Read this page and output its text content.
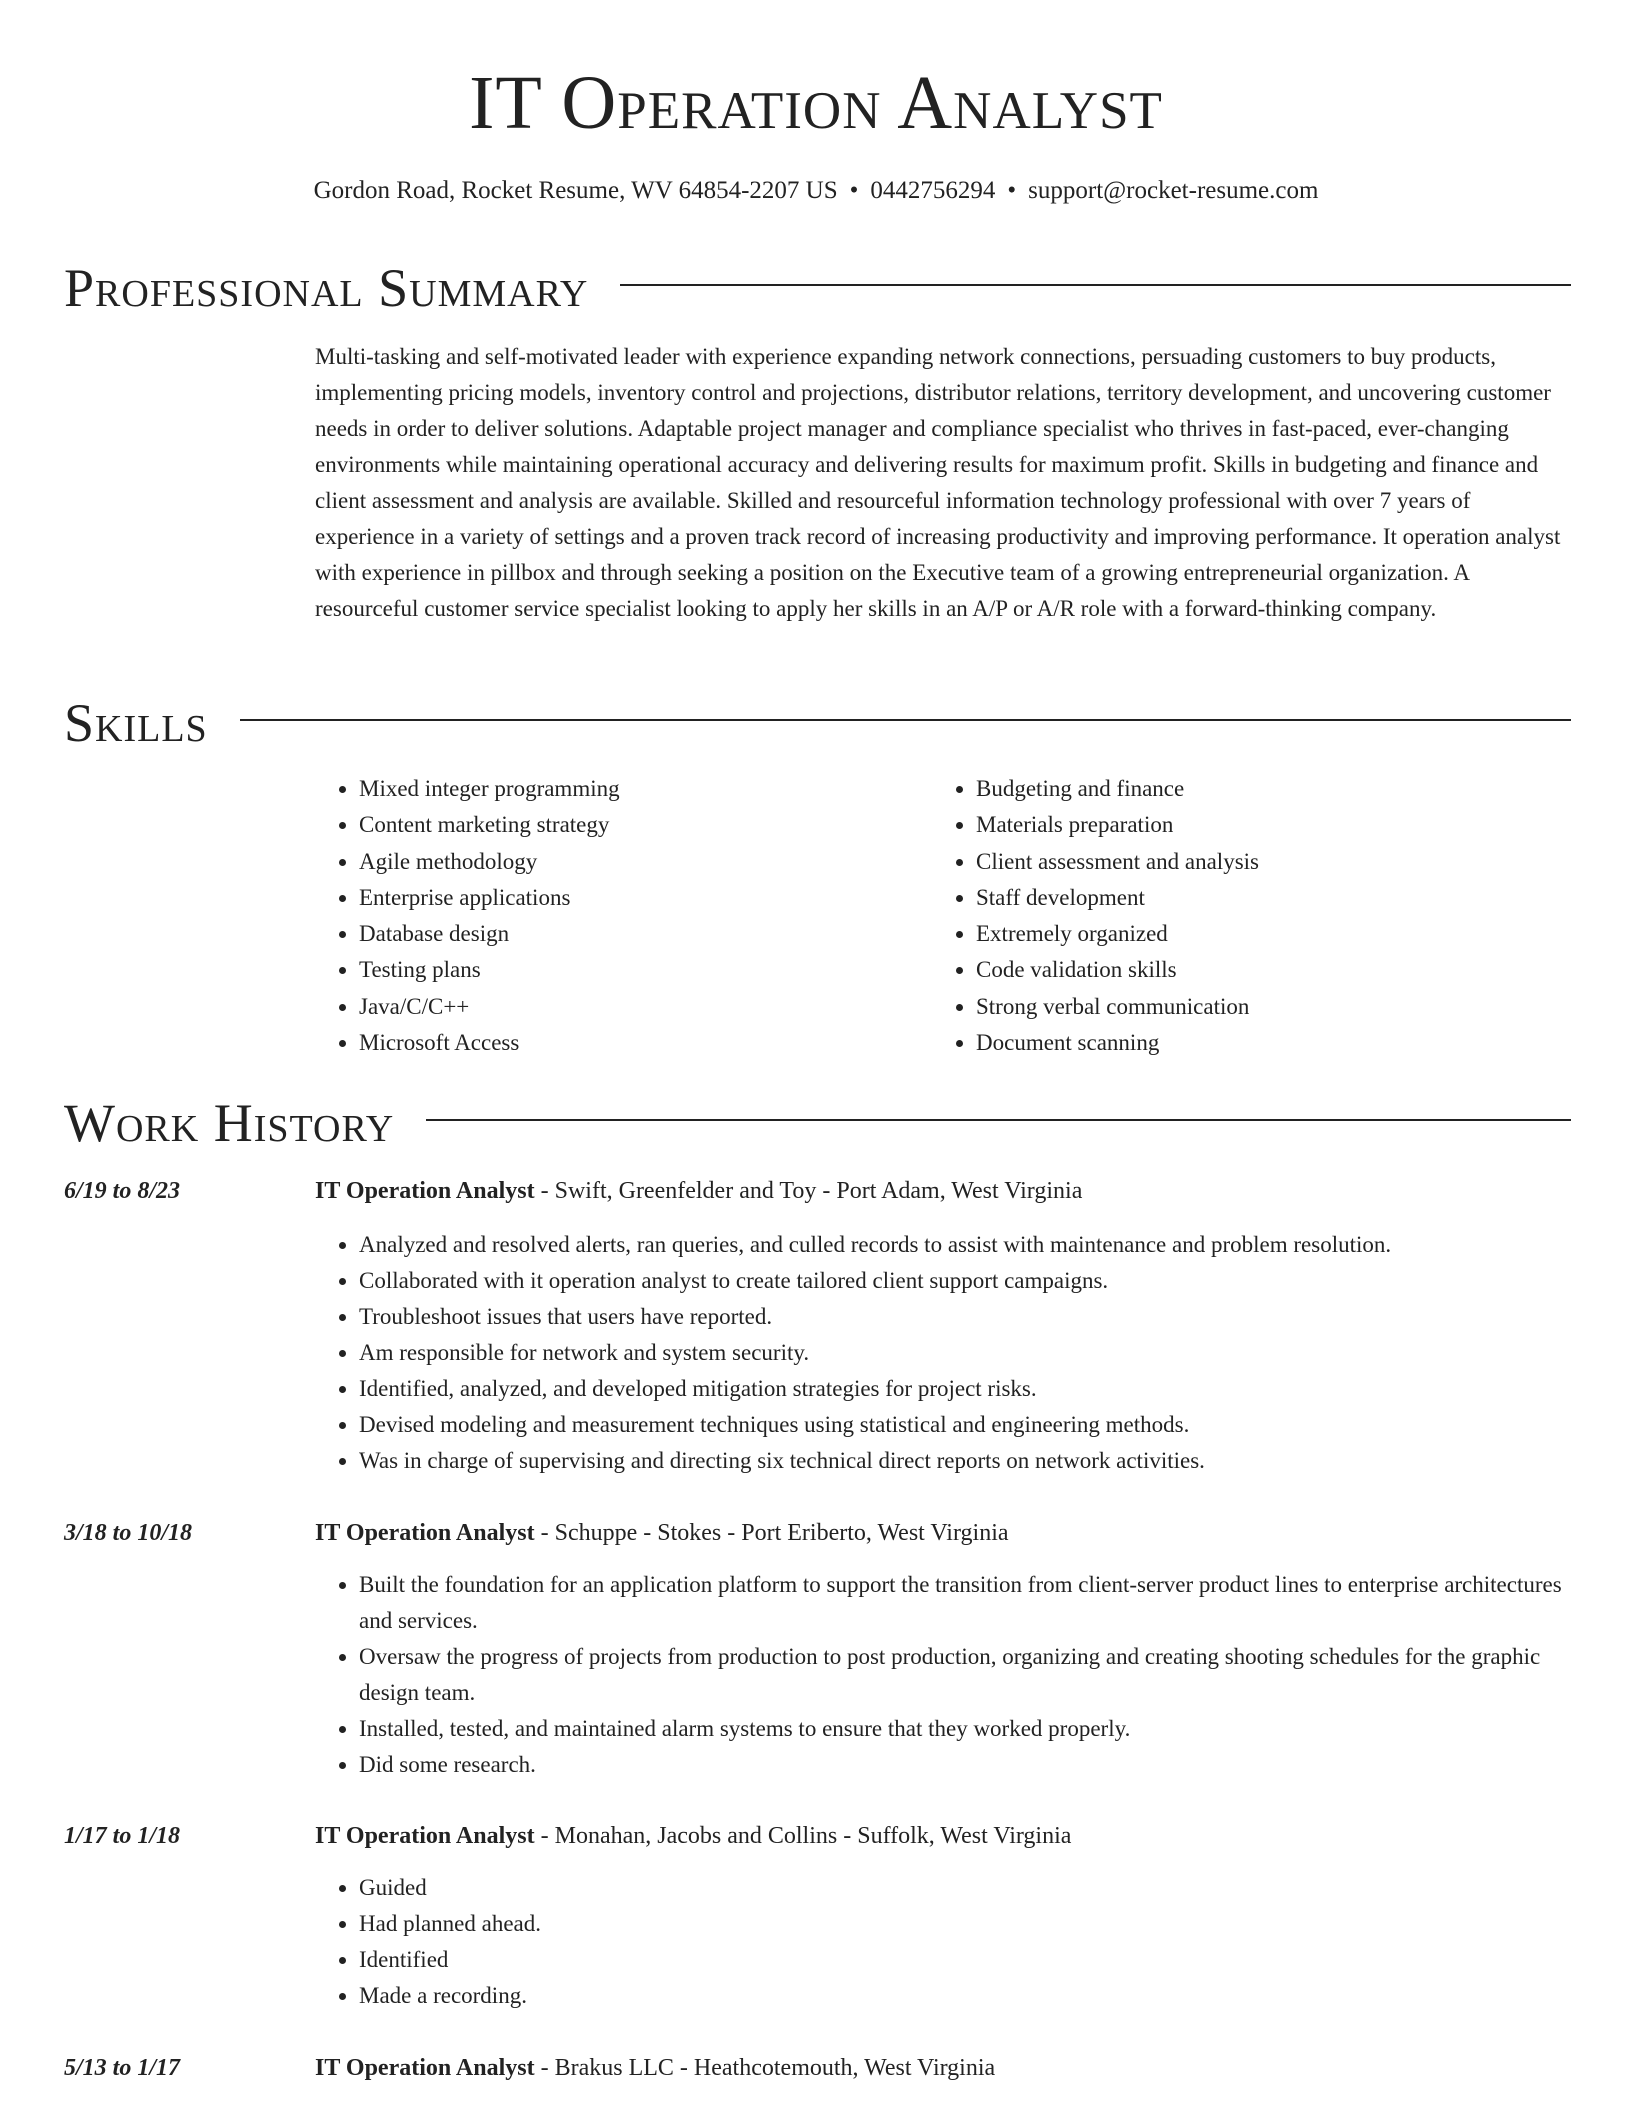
IT Operation Analyst
Gordon Road, Rocket Resume, WV 64854-2207 US • 0442756294 • support@rocket-resume.com
Professional Summary

Multi-tasking and self-motivated leader with experience expanding network connections, persuading customers to buy products, implementing pricing models, inventory control and projections, distributor relations, territory development, and uncovering customer needs in order to deliver solutions. Adaptable project manager and compliance specialist who thrives in fast-paced, ever-changing environments while maintaining operational accuracy and delivering results for maximum profit. Skills in budgeting and finance and client assessment and analysis are available. Skilled and resourceful information technology professional with over 7 years of experience in a variety of settings and a proven track record of increasing productivity and improving performance. It operation analyst with experience in pillbox and through seeking a position on the Executive team of a growing entrepreneurial organization. A resourceful customer service specialist looking to apply her skills in an A/P or A/R role with a forward-thinking company.

Skills
• Mixed integer programming
• Content marketing strategy
• Agile methodology
• Enterprise applications
• Database design
• Testing plans
• Java/C/C++
• Microsoft Access
• Budgeting and finance
• Materials preparation
• Client assessment and analysis
• Staff development
• Extremely organized
• Code validation skills
• Strong verbal communication
• Document scanning
Work History
6/19 to 8/23	IT Operation Analyst - Swift, Greenfelder and Toy - Port Adam, West Virginia
• Analyzed and resolved alerts, ran queries, and culled records to assist with maintenance and problem resolution.
• Collaborated with it operation analyst to create tailored client support campaigns.
• Troubleshoot issues that users have reported.
• Am responsible for network and system security.
• Identified, analyzed, and developed mitigation strategies for project risks.
• Devised modeling and measurement techniques using statistical and engineering methods.
• Was in charge of supervising and directing six technical direct reports on network activities.
3/18 to 10/18	IT Operation Analyst - Schuppe - Stokes - Port Eriberto, West Virginia
• Built the foundation for an application platform to support the transition from client-server product lines to enterprise architectures and services.
• Oversaw the progress of projects from production to post production, organizing and creating shooting schedules for the graphic design team.
• Installed, tested, and maintained alarm systems to ensure that they worked properly.
• Did some research.
1/17 to 1/18	IT Operation Analyst - Monahan, Jacobs and Collins - Suffolk, West Virginia
• Guided
• Had planned ahead.
• Identified
• Made a recording.
5/13 to 1/17	IT Operation Analyst - Brakus LLC - Heathcotemouth, West Virginia
